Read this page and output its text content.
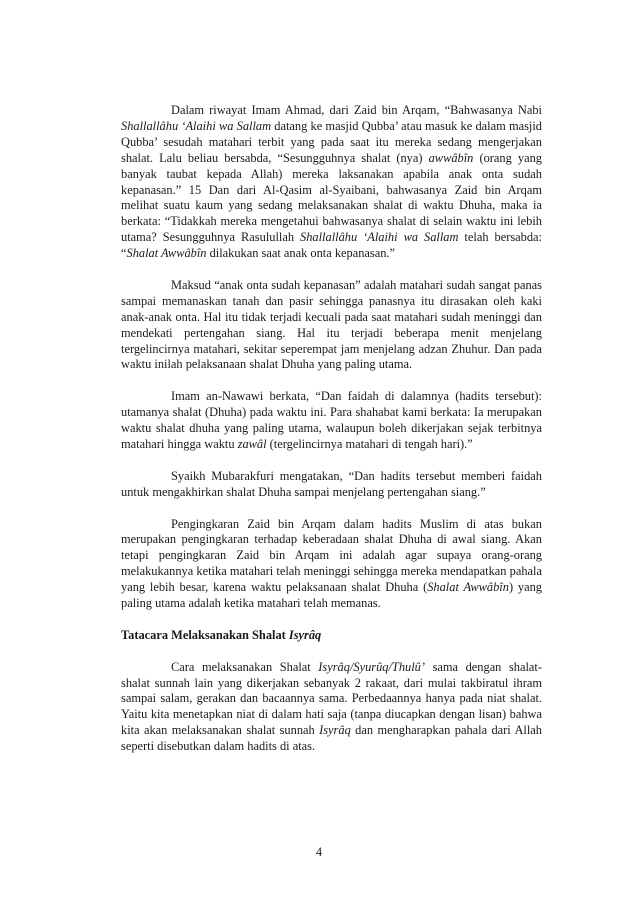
Dalam riwayat Imam Ahmad, dari Zaid bin Arqam, “Bahwasanya Nabi Shallallâhu ‘Alaihi wa Sallam datang ke masjid Qubba’ atau masuk ke dalam masjid Qubba’ sesudah matahari terbit yang pada saat itu mereka sedang mengerjakan shalat. Lalu beliau bersabda, “Sesungguhnya shalat (nya) awwâbîn (orang yang banyak taubat kepada Allah) mereka laksanakan apabila anak onta sudah kepanasan.” 15 Dan dari Al-Qasim al-Syaibani, bahwasanya Zaid bin Arqam melihat suatu kaum yang sedang melaksanakan shalat di waktu Dhuha, maka ia berkata: “Tidakkah mereka mengetahui bahwasanya shalat di selain waktu ini lebih utama? Sesungguhnya Rasulullah Shallallâhu ‘Alaihi wa Sallam telah bersabda: “Shalat Awwâbîn dilakukan saat anak onta kepanasan.”

Maksud “anak onta sudah kepanasan” adalah matahari sudah sangat panas sampai memanaskan tanah dan pasir sehingga panasnya itu dirasakan oleh kaki anak-anak onta. Hal itu tidak terjadi kecuali pada saat matahari sudah meninggi dan mendekati pertengahan siang. Hal itu terjadi beberapa menit menjelang tergelincirnya matahari, sekitar seperempat jam menjelang adzan Zhuhur. Dan pada waktu inilah pelaksanaan shalat Dhuha yang paling utama.

Imam an-Nawawi berkata, “Dan faidah di dalamnya (hadits tersebut): utamanya shalat (Dhuha) pada waktu ini. Para shahabat kami berkata: Ia merupakan waktu shalat dhuha yang paling utama, walaupun boleh dikerjakan sejak terbitnya matahari hingga waktu zawâl (tergelincirnya matahari di tengah hari).”

Syaikh Mubarakfuri mengatakan, “Dan hadits tersebut memberi faidah untuk mengakhirkan shalat Dhuha sampai menjelang pertengahan siang.”

Pengingkaran Zaid bin Arqam dalam hadits Muslim di atas bukan merupakan pengingkaran terhadap keberadaan shalat Dhuha di awal siang. Akan tetapi pengingkaran Zaid bin Arqam ini adalah agar supaya orang-orang melakukannya ketika matahari telah meninggi sehingga mereka mendapatkan pahala yang lebih besar, karena waktu pelaksanaan shalat Dhuha (Shalat Awwâbîn) yang paling utama adalah ketika matahari telah memanas.

Tatacara Melaksanakan Shalat Isyrâq

Cara melaksanakan Shalat Isyrâq/Syurûq/Thulû’ sama dengan shalat-shalat sunnah lain yang dikerjakan sebanyak 2 rakaat, dari mulai takbiratul ihram sampai salam, gerakan dan bacaannya sama. Perbedaannya hanya pada niat shalat. Yaitu kita menetapkan niat di dalam hati saja (tanpa diucapkan dengan lisan) bahwa kita akan melaksanakan shalat sunnah Isyrâq dan mengharapkan pahala dari Allah seperti disebutkan dalam hadits di atas.

4
